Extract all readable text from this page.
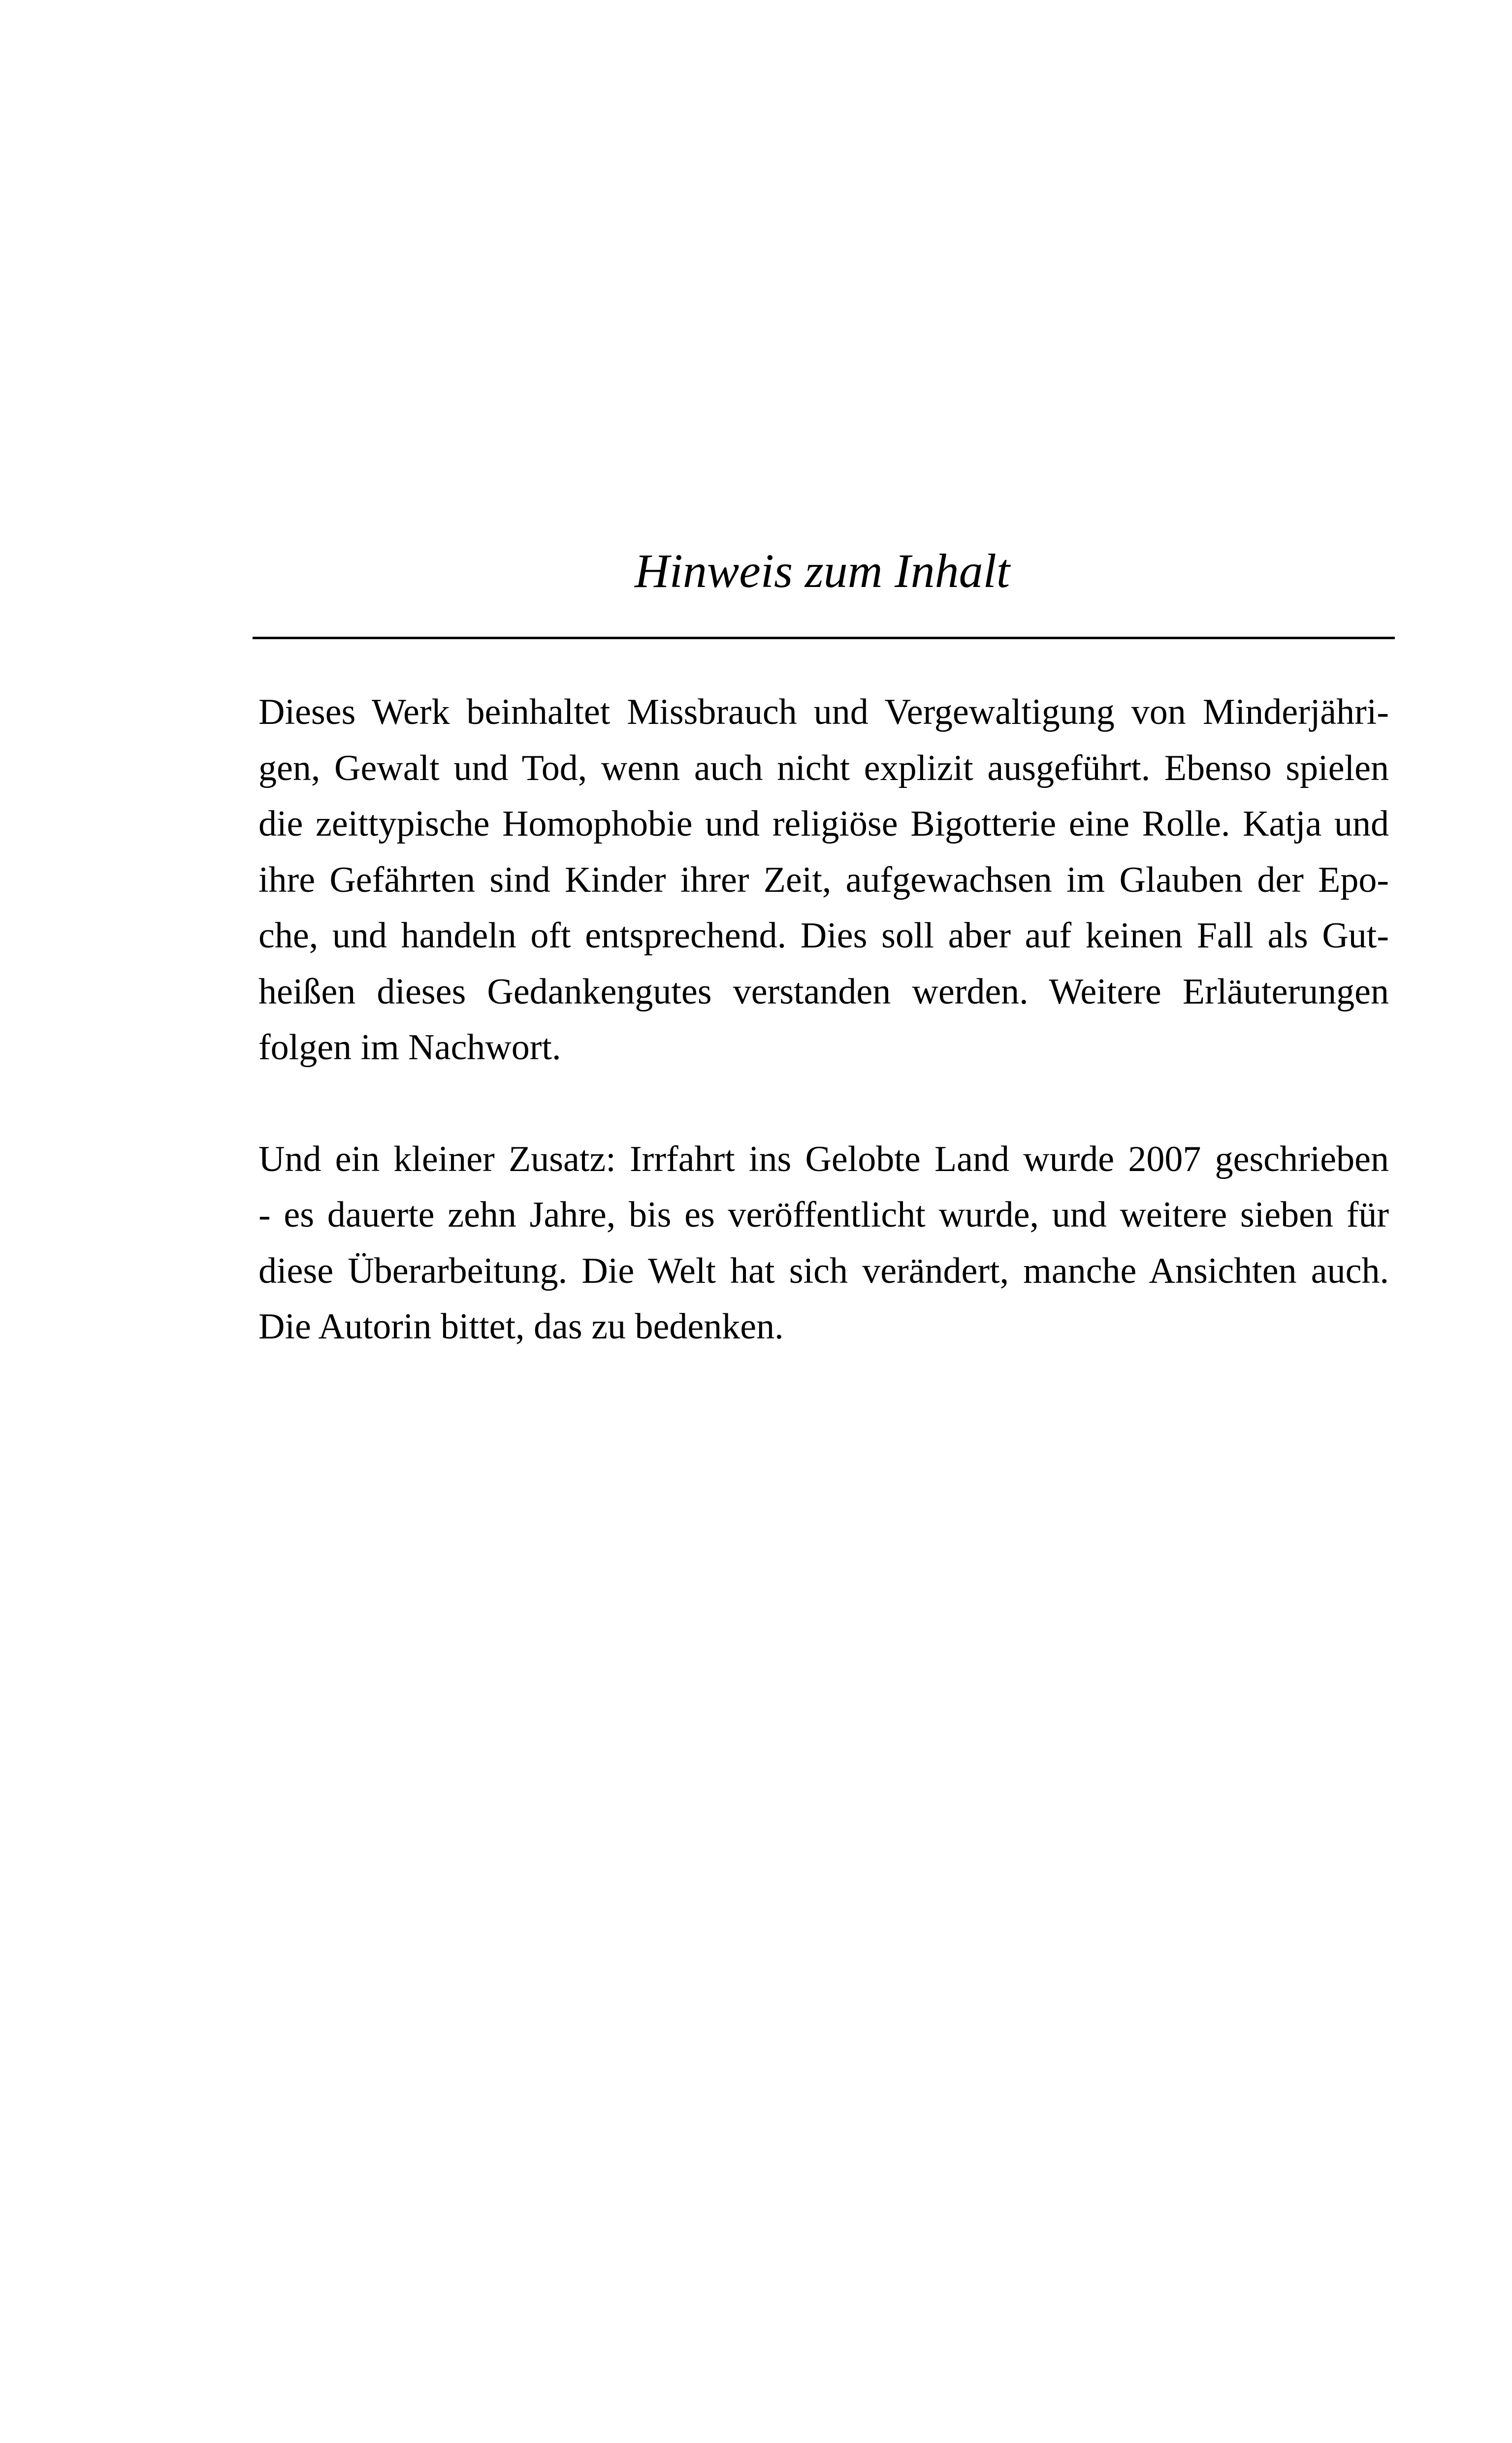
Hinweis zum Inhalt

Dieses Werk beinhaltet Missbrauch und Vergewaltigung von Minderjähri-
gen, Gewalt und Tod, wenn auch nicht explizit ausgeführt. Ebenso spielen
die zeittypische Homophobie und religiöse Bigotterie eine Rolle. Katja und
ihre Gefährten sind Kinder ihrer Zeit, aufgewachsen im Glauben der Epo-
che, und handeln oft entsprechend. Dies soll aber auf keinen Fall als Gut-
heißen dieses Gedankengutes verstanden werden. Weitere Erläuterungen
folgen im Nachwort.

Und ein kleiner Zusatz: Irrfahrt ins Gelobte Land wurde 2007 geschrieben
- es dauerte zehn Jahre, bis es veröffentlicht wurde, und weitere sieben für
diese Überarbeitung. Die Welt hat sich verändert, manche Ansichten auch.
Die Autorin bittet, das zu bedenken.
